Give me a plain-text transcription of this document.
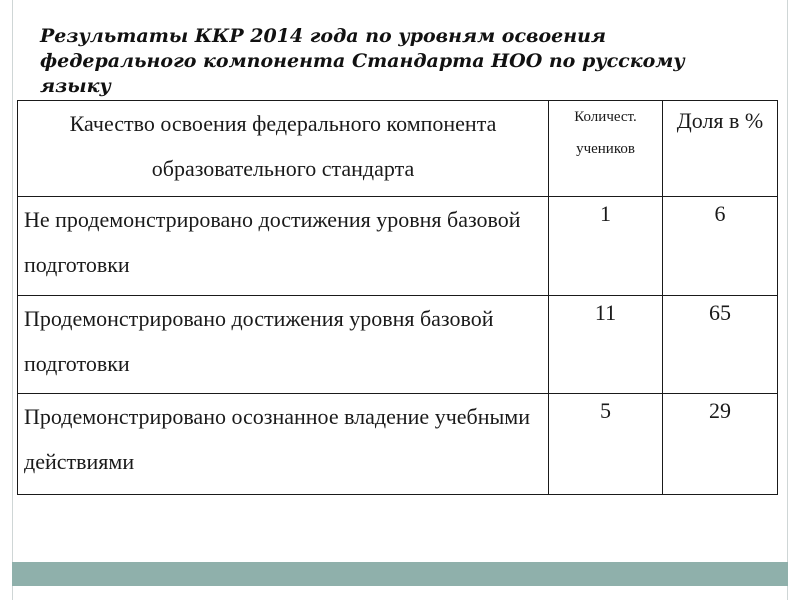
Результаты ККР 2014 года по уровням освоения федерального компонента Стандарта НОО по русскому языку
Качество освоения федерального компонента образовательного стандарта	Количест. учеников	Доля в %
Не продемонстрировано достижения уровня базовой подготовки	1	6
Продемонстрировано достижения уровня базовой подготовки	11	65
Продемонстрировано осознанное владение учебными действиями	5	29
